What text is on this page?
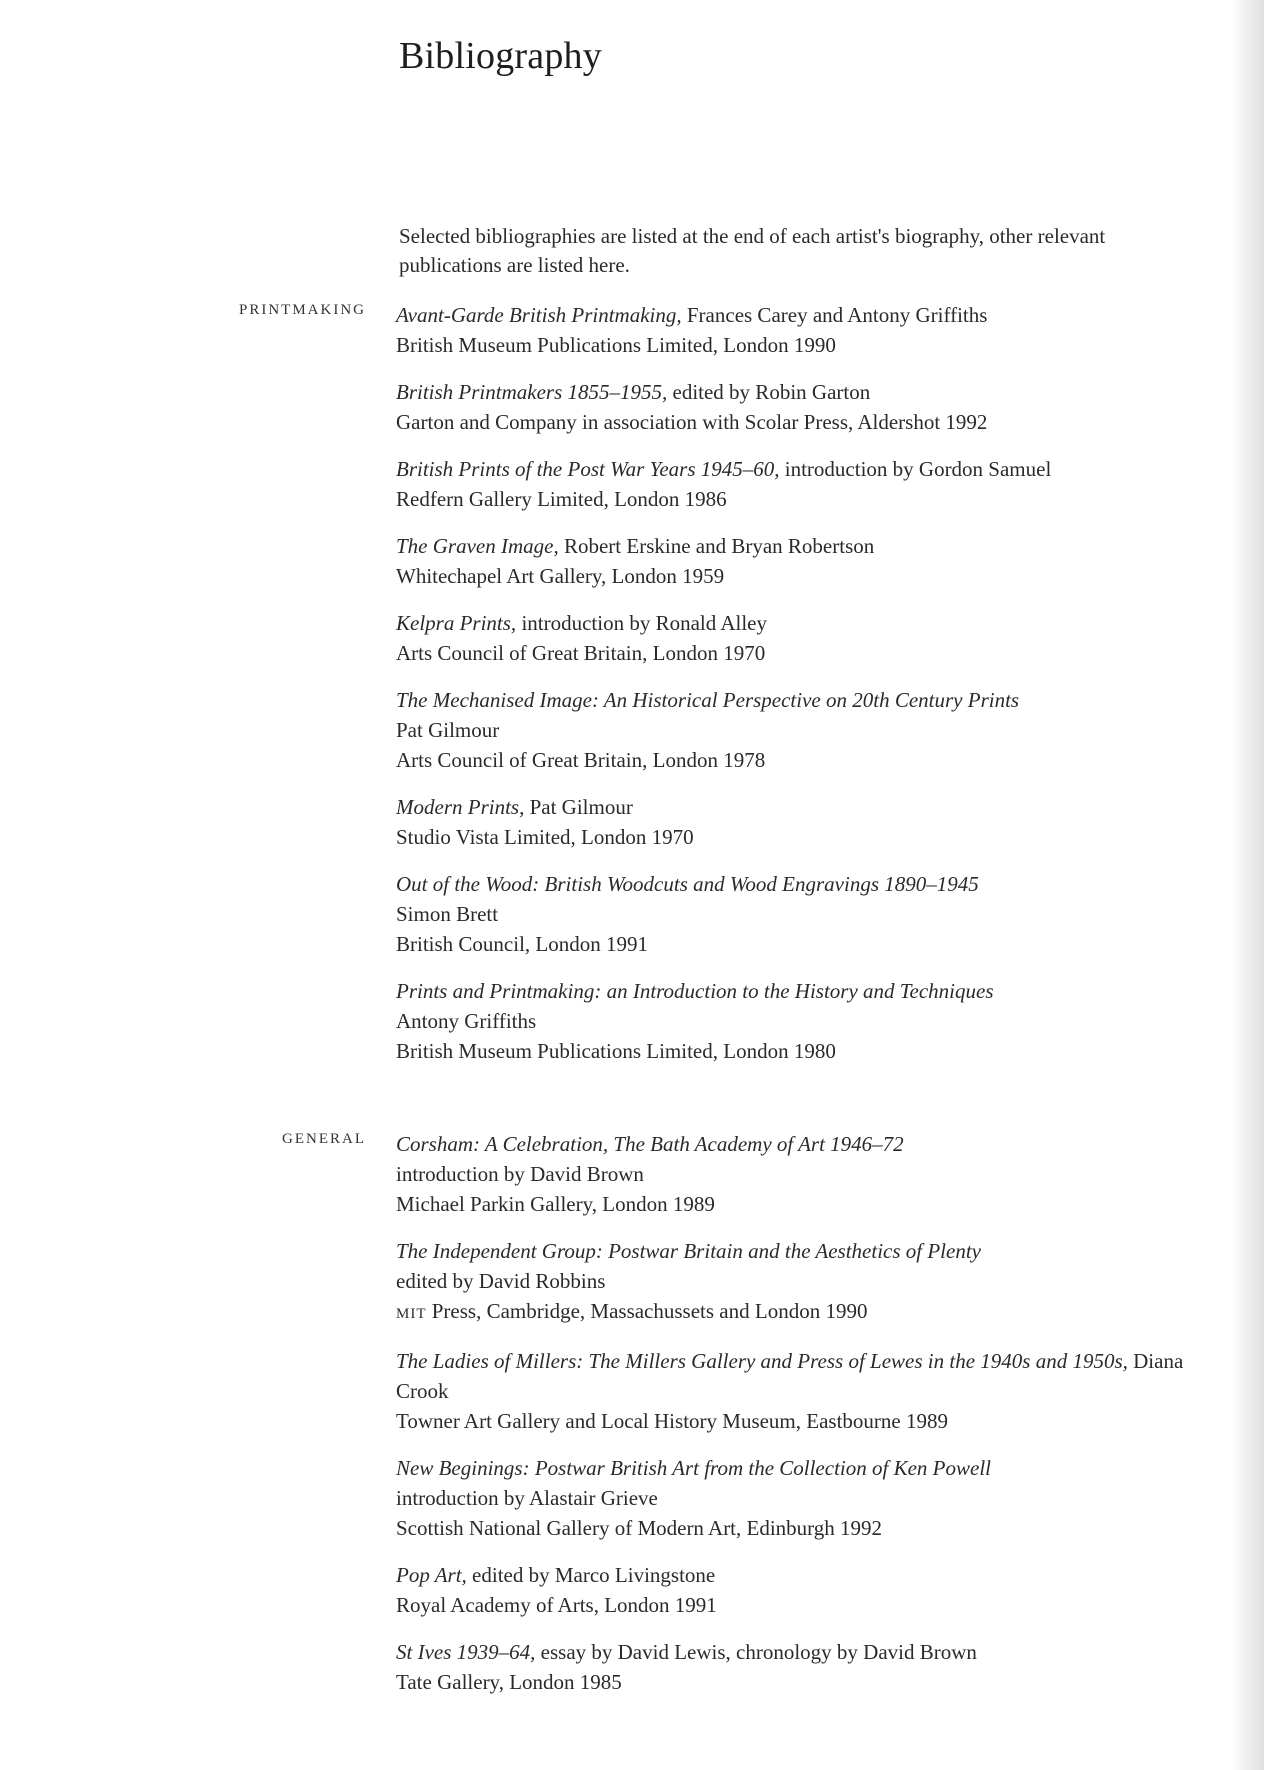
Bibliography

Selected bibliographies are listed at the end of each artist's biography, other relevant publications are listed here.

PRINTMAKING Avant-Garde British Printmaking, Frances Carey and Antony Griffiths

British Museum Publications Limited, London 1990

British Printmakers 1855–1955, edited by Robin Garton

Garton and Company in association with Scolar Press, Aldershot 1992

British Prints of the Post War Years 1945–60, introduction by Gordon Samuel

Redfern Gallery Limited, London 1986

The Graven Image, Robert Erskine and Bryan Robertson

Whitechapel Art Gallery, London 1959

Kelpra Prints, introduction by Ronald Alley

Arts Council of Great Britain, London 1970

The Mechanised Image: An Historical Perspective on 20th Century Prints

Pat Gilmour

Arts Council of Great Britain, London 1978

Modern Prints, Pat Gilmour

Studio Vista Limited, London 1970

Out of the Wood: British Woodcuts and Wood Engravings 1890–1945

Simon Brett

British Council, London 1991

Prints and Printmaking: an Introduction to the History and Techniques

Antony Griffiths

British Museum Publications Limited, London 1980

GENERAL Corsham: A Celebration, The Bath Academy of Art 1946–72

introduction by David Brown

Michael Parkin Gallery, London 1989

The Independent Group: Postwar Britain and the Aesthetics of Plenty

edited by David Robbins

MIT Press, Cambridge, Massachussets and London 1990

The Ladies of Millers: The Millers Gallery and Press of Lewes in the 1940s and 1950s, Diana Crook

Towner Art Gallery and Local History Museum, Eastbourne 1989

New Beginings: Postwar British Art from the Collection of Ken Powell

introduction by Alastair Grieve

Scottish National Gallery of Modern Art, Edinburgh 1992

Pop Art, edited by Marco Livingstone

Royal Academy of Arts, London 1991

St Ives 1939–64, essay by David Lewis, chronology by David Brown

Tate Gallery, London 1985
